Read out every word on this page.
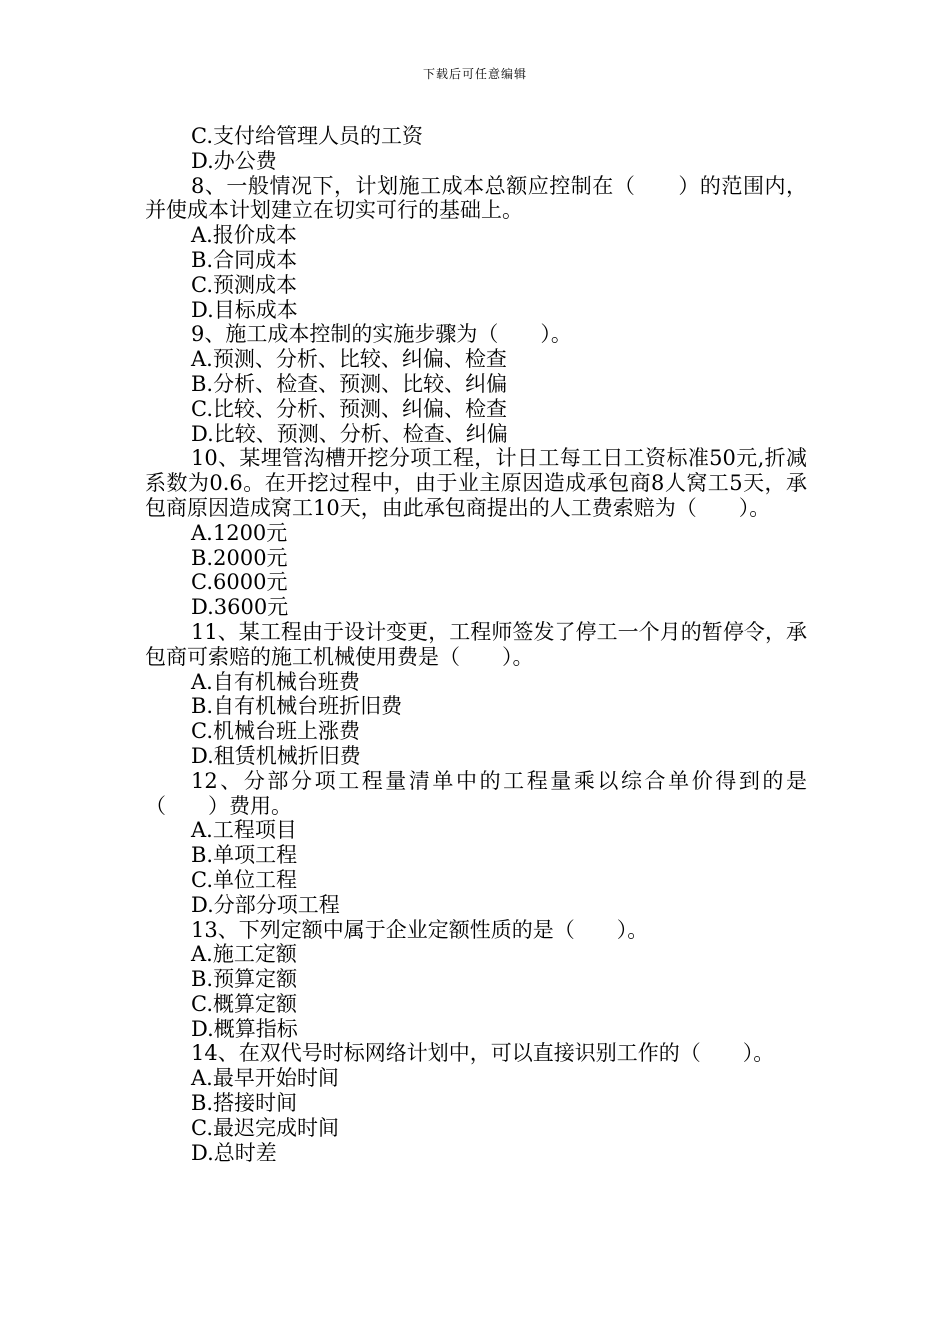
下载后可任意编辑

C.支付给管理人员的工资

D.办公费

8、一般情况下，计划施工成本总额应控制在（　　）的范围内，并使成本计划建立在切实可行的基础上。

A.报价成本

B.合同成本

C.预测成本

D.目标成本

9、施工成本控制的实施步骤为（　　）。

A.预测、分析、比较、纠偏、检查

B.分析、检查、预测、比较、纠偏

C.比较、分析、预测、纠偏、检查

D.比较、预测、分析、检查、纠偏

10、某埋管沟槽开挖分项工程，计日工每工日工资标准50元,折减系数为0.6。在开挖过程中，由于业主原因造成承包商8人窝工5天，承包商原因造成窝工10天，由此承包商提出的人工费索赔为（　　）。

A.1200元

B.2000元

C.6000元

D.3600元

11、某工程由于设计变更，工程师签发了停工一个月的暂停令，承包商可索赔的施工机械使用费是（　　）。

A.自有机械台班费

B.自有机械台班折旧费

C.机械台班上涨费

D.租赁机械折旧费

12、分部分项工程量清单中的工程量乘以综合单价得到的是（　　）费用。

A.工程项目

B.单项工程

C.单位工程

D.分部分项工程

13、下列定额中属于企业定额性质的是（　　）。

A.施工定额

B.预算定额

C.概算定额

D.概算指标

14、在双代号时标网络计划中，可以直接识别工作的（　　）。

A.最早开始时间

B.搭接时间

C.最迟完成时间

D.总时差
